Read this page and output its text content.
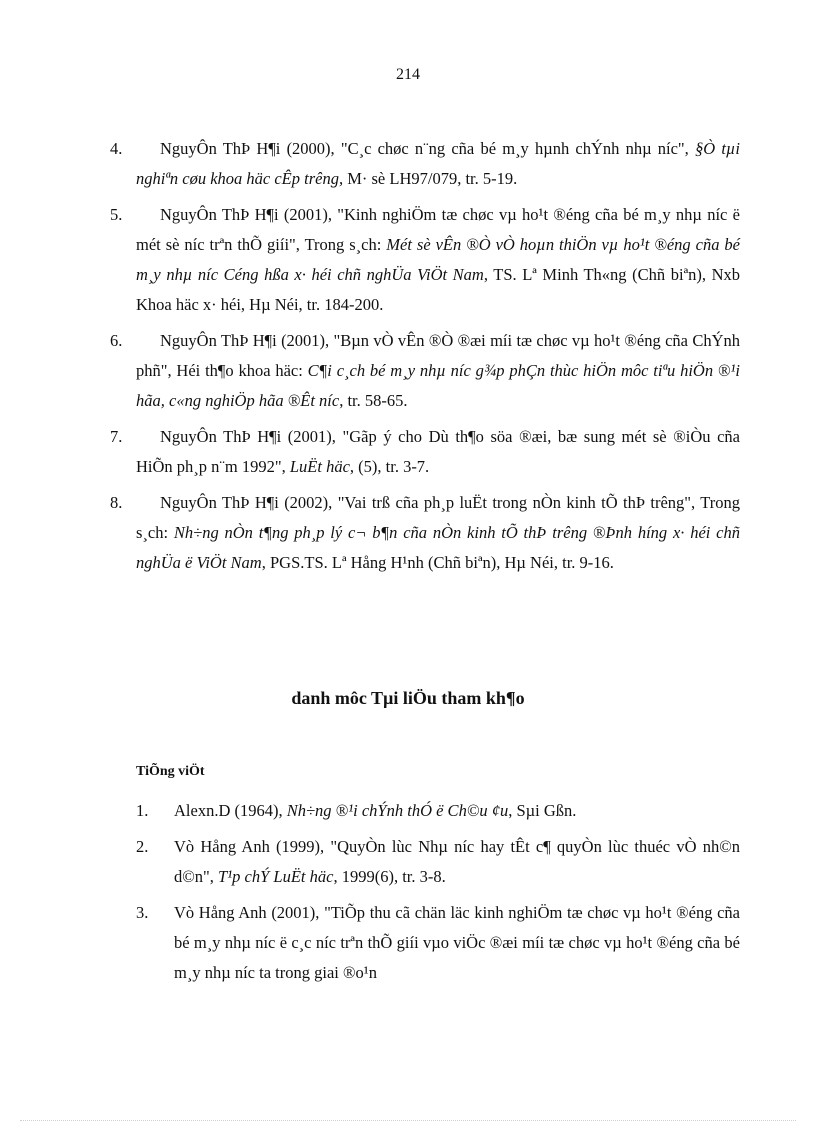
214
4.	NguyÔn ThÞ H¶i (2000), "C¸c chøc n¨ng cña bé m¸y hµnh chÝnh nhµ níc", §Ò tµi nghiªn cøu khoa häc cÊp trêng, M· sè LH97/079, tr. 5-19.
5.	NguyÔn ThÞ H¶i (2001), "Kinh nghiÖm tæ chøc vµ ho¹t ®éng cña bé m¸y nhµ níc ë mét sè níc trªn thÕ giíi", Trong s¸ch: Mét sè vÊn ®Ò vÒ hoµn thiÖn vµ ho¹t ®éng cña bé m¸y nhµ níc Céng hßa x· héi chñ nghÜa ViÖt Nam, TS. Lª Minh Th«ng (Chñ biªn), Nxb Khoa häc x· héi, Hµ Néi, tr. 184-200.
6.	NguyÔn ThÞ H¶i (2001), "Bµn vÒ vÊn ®Ò ®æi míi tæ chøc vµ ho¹t ®éng cña ChÝnh phñ", Héi th¶o khoa häc: C¶i c¸ch bé m¸y nhµ níc g¾p phÇn thùc hiÖn môc tiªu hiÖn ®¹i hãa, c«ng nghiÖp hãa ®Êt níc, tr. 58-65.
7.	NguyÔn ThÞ H¶i (2001), "Gãp ý cho Dù th¶o söa ®æi, bæ sung mét sè ®iÒu cña HiÕn ph¸p n¨m 1992", LuËt häc, (5), tr. 3-7.
8.	NguyÔn ThÞ H¶i (2002), "Vai trß cña ph¸p luËt trong nÒn kinh tÕ thÞ trêng", Trong s¸ch: Nh÷ng nÒn t¶ng ph¸p lý c¬ b¶n cña nÒn kinh tÕ thÞ trêng ®Þnh híng x· héi chñ nghÜa ë ViÖt Nam, PGS.TS. Lª Hång H¹nh (Chñ biªn), Hµ Néi, tr. 9-16.
danh môc Tµi liÖu tham kh¶o
TiÕng viÖt
1. Alexn.D (1964), Nh÷ng ®¹i chÝnh thÓ ë Ch©u ¢u, Sµi Gßn.
2. Vò Hång Anh (1999), "QuyÒn lùc Nhµ níc hay tÊt c¶ quyÒn lùc thuéc vÒ nh©n d©n", T¹p chÝ LuËt häc, 1999(6), tr. 3-8.
3. Vò Hång Anh (2001), "TiÕp thu cã chän läc kinh nghiÖm tæ chøc vµ ho¹t ®éng cña bé m¸y nhµ níc ë c¸c níc trªn thÕ giíi vµo viÖc ®æi míi tæ chøc vµ ho¹t ®éng cña bé m¸y nhµ níc ta trong giai ®o¹n
